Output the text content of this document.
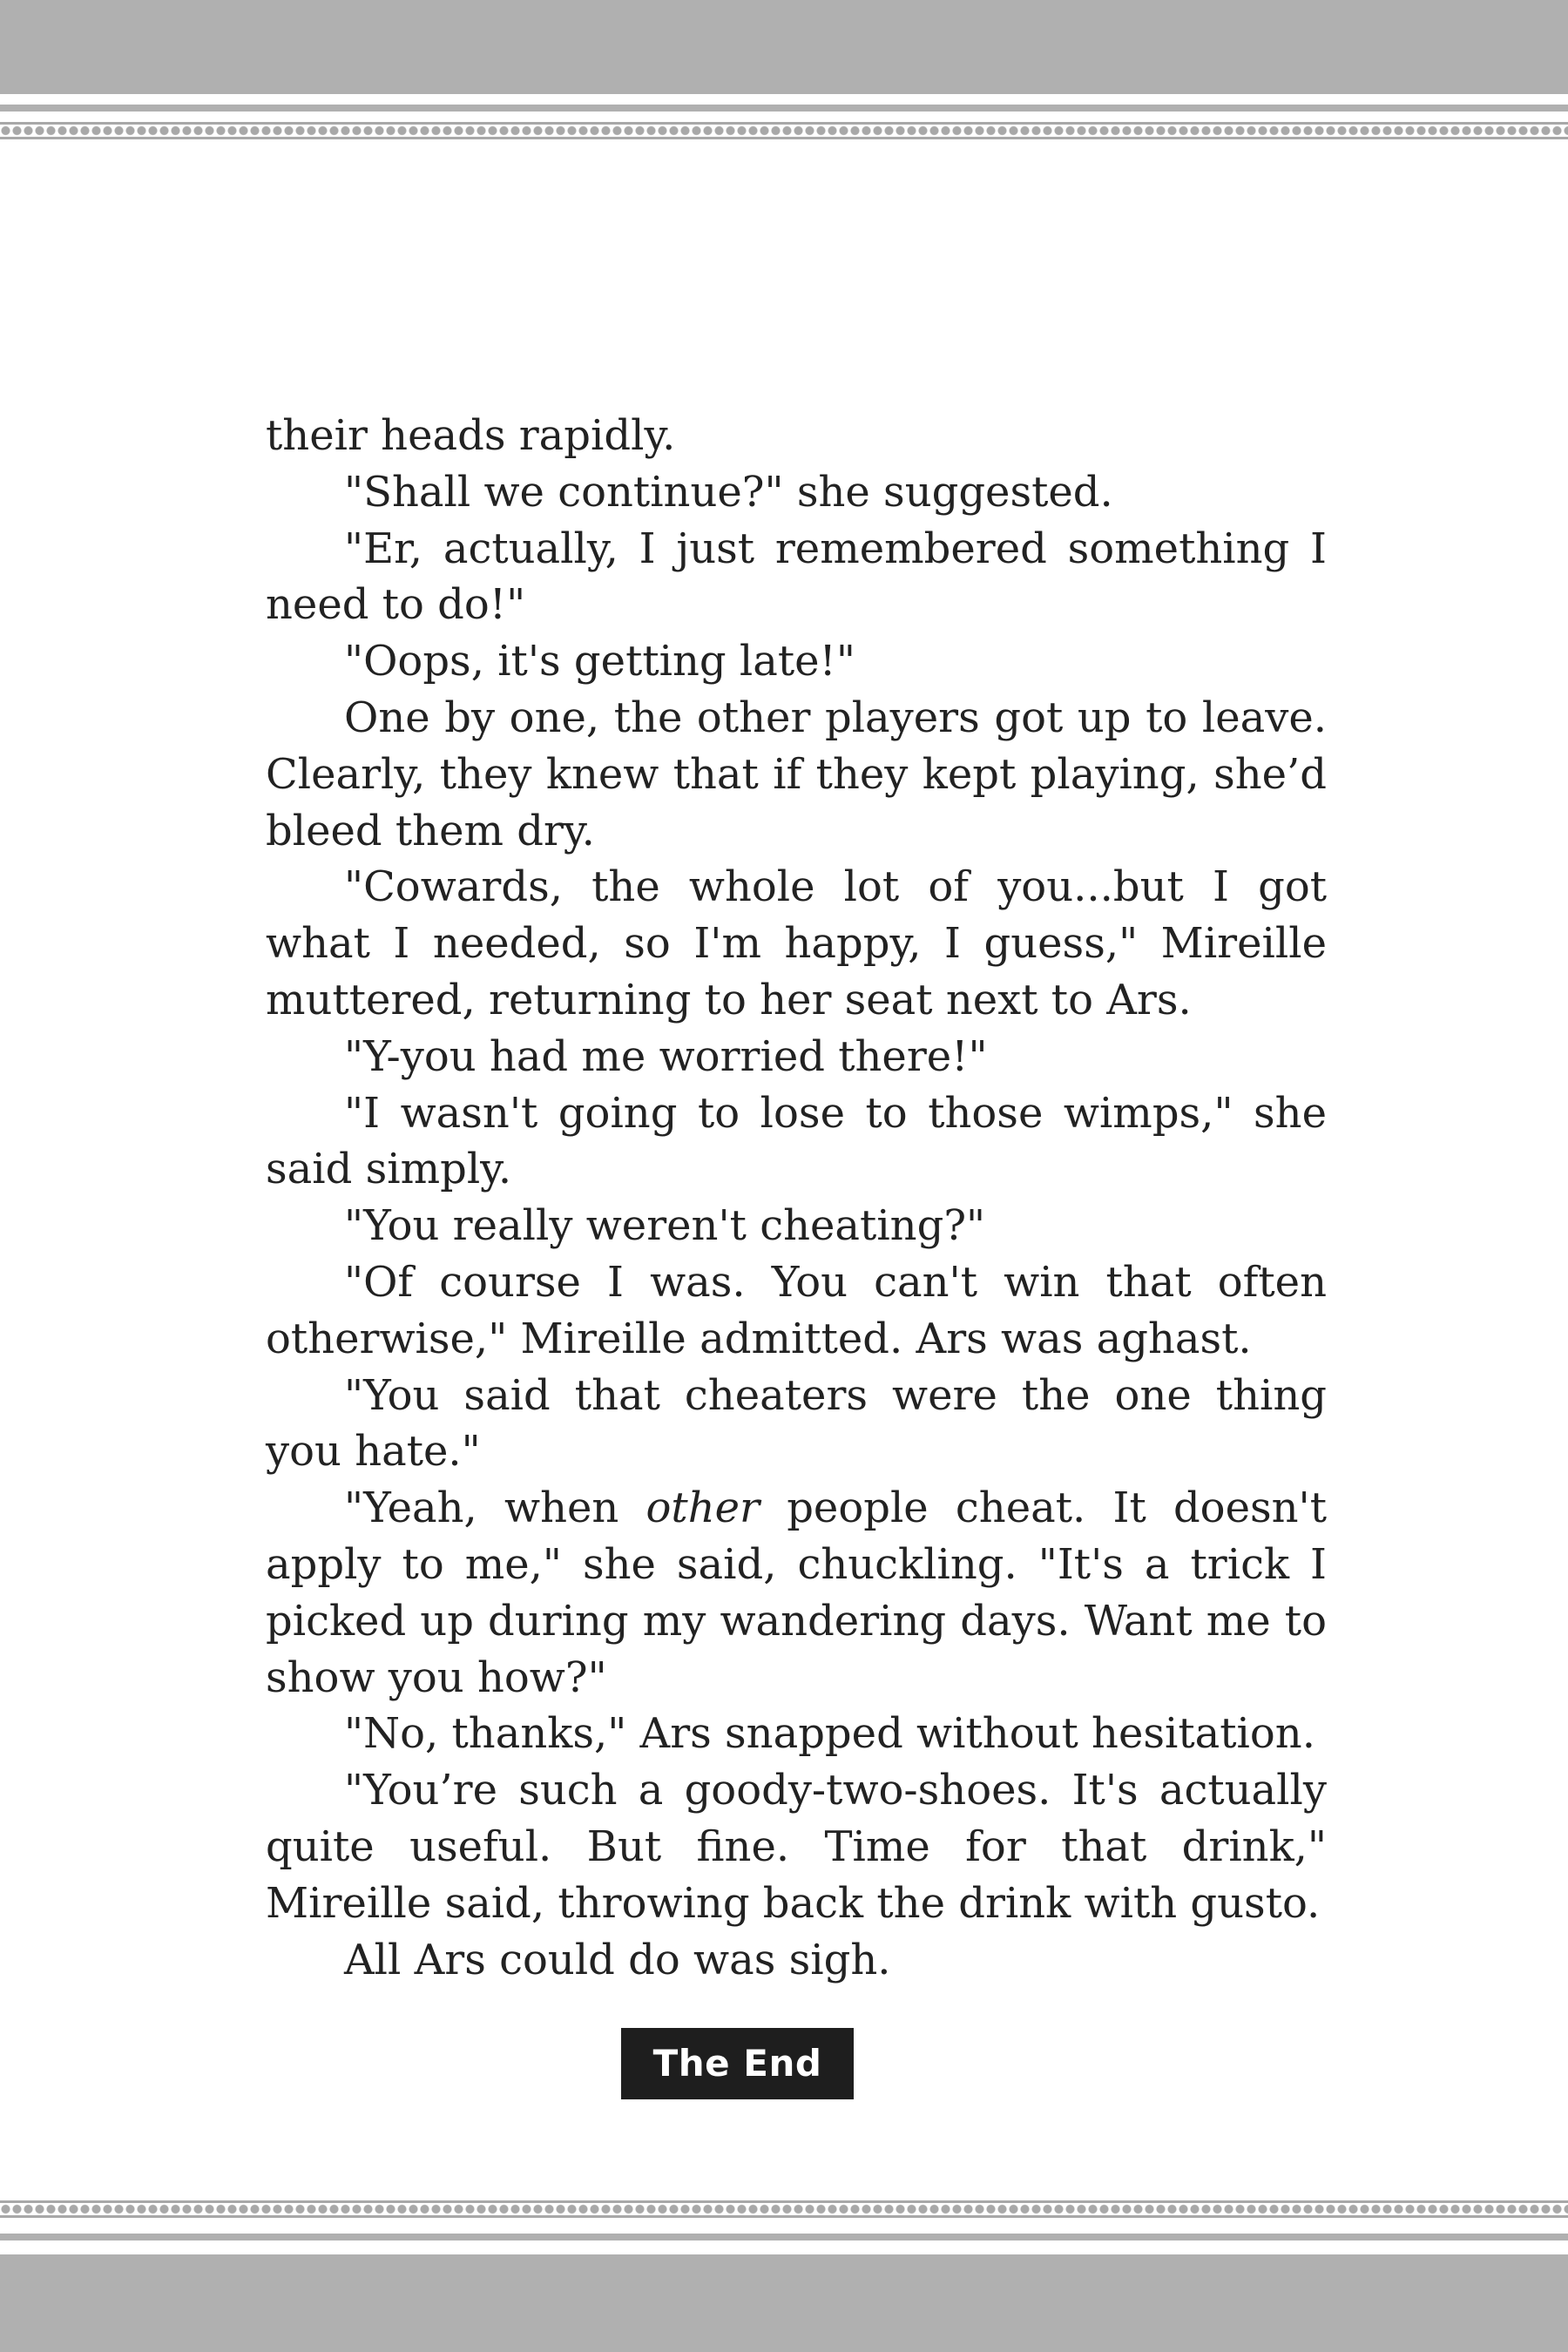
their heads rapidly.

"Shall we continue?" she suggested.

"Er, actually, I just remembered something I need to do!"

"Oops, it's getting late!"

One by one, the other players got up to leave. Clearly, they knew that if they kept playing, she’d bleed them dry.

"Cowards, the whole lot of you...but I got what I needed, so I'm happy, I guess," Mireille muttered, returning to her seat next to Ars.

"Y-you had me worried there!"

"I wasn't going to lose to those wimps," she said simply.

"You really weren't cheating?"

"Of course I was. You can't win that often otherwise," Mireille admitted. Ars was aghast.

"You said that cheaters were the one thing you hate."

"Yeah, when other people cheat. It doesn't apply to me," she said, chuckling. "It's a trick I picked up during my wandering days. Want me to show you how?"

"No, thanks," Ars snapped without hesitation.

"You’re such a goody-two-shoes. It's actually quite useful. But fine. Time for that drink," Mireille said, throwing back the drink with gusto.

All Ars could do was sigh.

The End
